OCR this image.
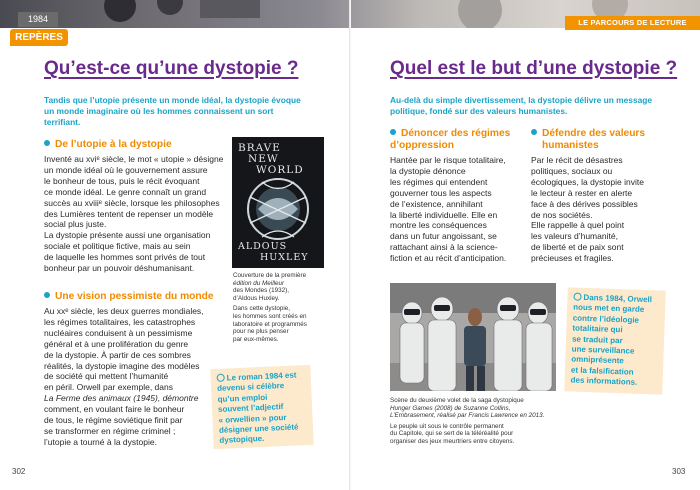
1984
REPÈRES
LE PARCOURS DE LECTURE
Qu’est-ce qu’une dystopie ?
Tandis que l’utopie présente un monde idéal, la dystopie évoque un monde imaginaire où les hommes connaissent un sort terrifiant.
De l’utopie à la dystopie

Inventé au xviᵉ siècle, le mot « utopie » désigne

un monde idéal où le gouvernement assure

le bonheur de tous, puis le récit évoquant

ce monde idéal. Le genre connaît un grand

succès au xviiiᵉ siècle, lorsque les philosophes

des Lumières tentent de repenser un modèle

social plus juste.

La dystopie présente aussi une organisation

sociale et politique fictive, mais au sein

de laquelle les hommes sont privés de tout

bonheur par un pouvoir déshumanisant.

Une vision pessimiste du monde

Au xxᵉ siècle, les deux guerres mondiales,

les régimes totalitaires, les catastrophes

nucléaires conduisent à un pessimisme

général et à une prolifération du genre

de la dystopie. À partir de ces sombres

réalités, la dystopie imagine des modèles

de société qui mettent l’humanité

en péril. Orwell par exemple, dans

La Ferme des animaux (1945), démontre

comment, en voulant faire le bonheur

de tous, le régime soviétique finit par

se transformer en régime criminel ;

l’utopie a tourné à la dystopie.

BRAVE
NEW
WORLD
ALDOUS
HUXLEY

Couverture de la première
édition du Meilleur
des Mondes (1932),
d’Aldous Huxley.

Dans cette dystopie,
les hommes sont créés en
laboratoire et programmés
pour ne plus penser
par eux-mêmes.

Le roman 1984 est
devenu si célèbre
qu’un emploi
souvent l’adjectif
« orwellien » pour
désigner une société
dystopique.
302
Quel est le but d’une dystopie ?
Au-delà du simple divertissement, la dystopie délivre un message politique, fondé sur des valeurs humanistes.
Dénoncer des régimes
d’oppression

Hantée par le risque totalitaire,

la dystopie dénonce

les régimes qui entendent

gouverner tous les aspects

de l’existence, annihilant

la liberté individuelle. Elle en

montre les conséquences

dans un futur angoissant, se

rattachant ainsi à la science-

fiction et au récit d’anticipation.

Défendre des valeurs
humanistes

Par le récit de désastres

politiques, sociaux ou

écologiques, la dystopie invite

le lecteur à rester en alerte

face à des dérives possibles

de nos sociétés.

Elle rappelle à quel point

les valeurs d’humanité,

de liberté et de paix sont

précieuses et fragiles.

Scène du deuxième volet de la saga dystopique
Hunger Games (2008) de Suzanne Collins,
L’Embrasement, réalisé par Francis Lawrence en 2013.

Le peuple uit sous le contrôle permanent
du Capitole, qui se sert de la téléréalité pour
organiser des jeux meurtriers entre citoyens.

Dans 1984, Orwell
nous met en garde
contre l’idéologie
totalitaire qui
se traduit par
une surveillance
omniprésente
et la falsification
des informations.
303
